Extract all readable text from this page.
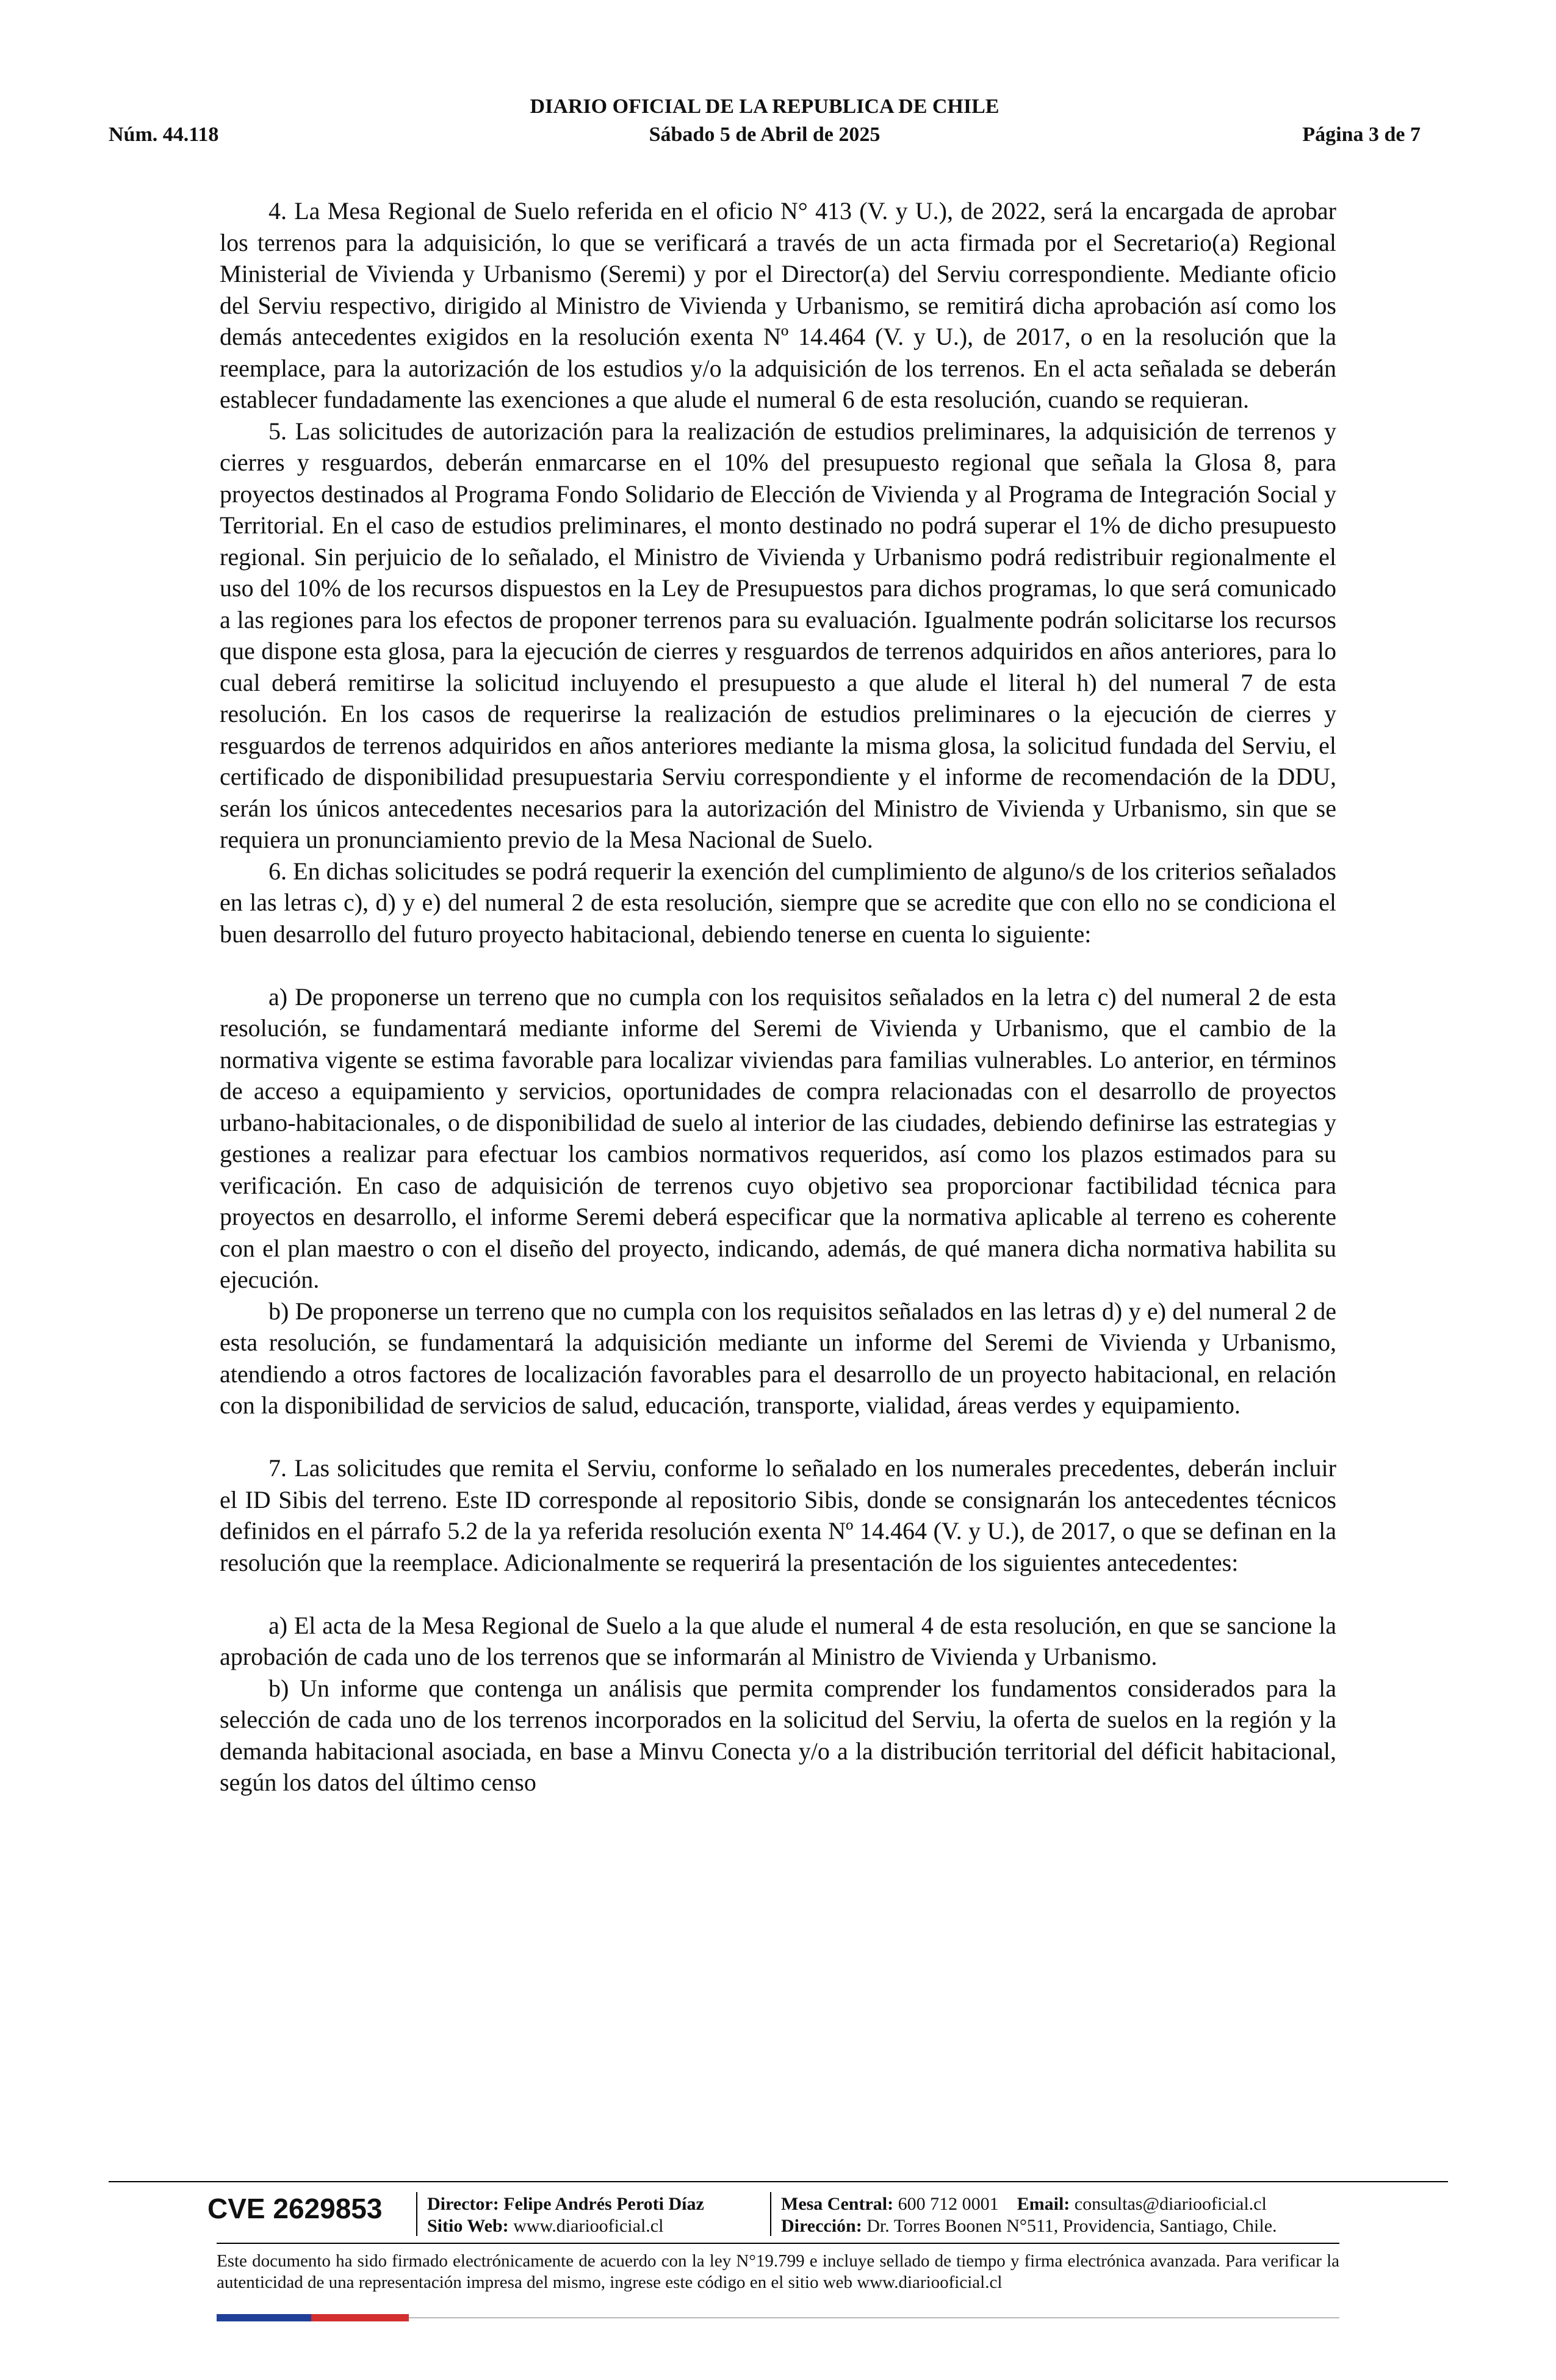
DIARIO OFICIAL DE LA REPUBLICA DE CHILE
Núm. 44.118	Sábado 5 de Abril de 2025	Página 3 de 7

4. La Mesa Regional de Suelo referida en el oficio N° 413 (V. y U.), de 2022, será la encargada de aprobar los terrenos para la adquisición, lo que se verificará a través de un acta firmada por el Secretario(a) Regional Ministerial de Vivienda y Urbanismo (Seremi) y por el Director(a) del Serviu correspondiente. Mediante oficio del Serviu respectivo, dirigido al Ministro de Vivienda y Urbanismo, se remitirá dicha aprobación así como los demás antecedentes exigidos en la resolución exenta Nº 14.464 (V. y U.), de 2017, o en la resolución que la reemplace, para la autorización de los estudios y/o la adquisición de los terrenos. En el acta señalada se deberán establecer fundadamente las exenciones a que alude el numeral 6 de esta resolución, cuando se requieran.

5. Las solicitudes de autorización para la realización de estudios preliminares, la adquisición de terrenos y cierres y resguardos, deberán enmarcarse en el 10% del presupuesto regional que señala la Glosa 8, para proyectos destinados al Programa Fondo Solidario de Elección de Vivienda y al Programa de Integración Social y Territorial. En el caso de estudios preliminares, el monto destinado no podrá superar el 1% de dicho presupuesto regional. Sin perjuicio de lo señalado, el Ministro de Vivienda y Urbanismo podrá redistribuir regionalmente el uso del 10% de los recursos dispuestos en la Ley de Presupuestos para dichos programas, lo que será comunicado a las regiones para los efectos de proponer terrenos para su evaluación. Igualmente podrán solicitarse los recursos que dispone esta glosa, para la ejecución de cierres y resguardos de terrenos adquiridos en años anteriores, para lo cual deberá remitirse la solicitud incluyendo el presupuesto a que alude el literal h) del numeral 7 de esta resolución. En los casos de requerirse la realización de estudios preliminares o la ejecución de cierres y resguardos de terrenos adquiridos en años anteriores mediante la misma glosa, la solicitud fundada del Serviu, el certificado de disponibilidad presupuestaria Serviu correspondiente y el informe de recomendación de la DDU, serán los únicos antecedentes necesarios para la autorización del Ministro de Vivienda y Urbanismo, sin que se requiera un pronunciamiento previo de la Mesa Nacional de Suelo.

6. En dichas solicitudes se podrá requerir la exención del cumplimiento de alguno/s de los criterios señalados en las letras c), d) y e) del numeral 2 de esta resolución, siempre que se acredite que con ello no se condiciona el buen desarrollo del futuro proyecto habitacional, debiendo tenerse en cuenta lo siguiente:

a) De proponerse un terreno que no cumpla con los requisitos señalados en la letra c) del numeral 2 de esta resolución, se fundamentará mediante informe del Seremi de Vivienda y Urbanismo, que el cambio de la normativa vigente se estima favorable para localizar viviendas para familias vulnerables. Lo anterior, en términos de acceso a equipamiento y servicios, oportunidades de compra relacionadas con el desarrollo de proyectos urbano-habitacionales, o de disponibilidad de suelo al interior de las ciudades, debiendo definirse las estrategias y gestiones a realizar para efectuar los cambios normativos requeridos, así como los plazos estimados para su verificación. En caso de adquisición de terrenos cuyo objetivo sea proporcionar factibilidad técnica para proyectos en desarrollo, el informe Seremi deberá especificar que la normativa aplicable al terreno es coherente con el plan maestro o con el diseño del proyecto, indicando, además, de qué manera dicha normativa habilita su ejecución.

b) De proponerse un terreno que no cumpla con los requisitos señalados en las letras d) y e) del numeral 2 de esta resolución, se fundamentará la adquisición mediante un informe del Seremi de Vivienda y Urbanismo, atendiendo a otros factores de localización favorables para el desarrollo de un proyecto habitacional, en relación con la disponibilidad de servicios de salud, educación, transporte, vialidad, áreas verdes y equipamiento.

7. Las solicitudes que remita el Serviu, conforme lo señalado en los numerales precedentes, deberán incluir el ID Sibis del terreno. Este ID corresponde al repositorio Sibis, donde se consignarán los antecedentes técnicos definidos en el párrafo 5.2 de la ya referida resolución exenta Nº 14.464 (V. y U.), de 2017, o que se definan en la resolución que la reemplace. Adicionalmente se requerirá la presentación de los siguientes antecedentes:

a) El acta de la Mesa Regional de Suelo a la que alude el numeral 4 de esta resolución, en que se sancione la aprobación de cada uno de los terrenos que se informarán al Ministro de Vivienda y Urbanismo.

b) Un informe que contenga un análisis que permita comprender los fundamentos considerados para la selección de cada uno de los terrenos incorporados en la solicitud del Serviu, la oferta de suelos en la región y la demanda habitacional asociada, en base a Minvu Conecta y/o a la distribución territorial del déficit habitacional, según los datos del último censo

CVE 2629853 Director: Felipe Andrés Peroti Díaz
Sitio Web: www.diariooficial.cl
Mesa Central: 600 712 0001 Email: consultas@diariooficial.cl
Dirección: Dr. Torres Boonen N°511, Providencia, Santiago, Chile.
Este documento ha sido firmado electrónicamente de acuerdo con la ley N°19.799 e incluye sellado de tiempo y firma electrónica avanzada. Para verificar la autenticidad de una representación impresa del mismo, ingrese este código en el sitio web www.diariooficial.cl
